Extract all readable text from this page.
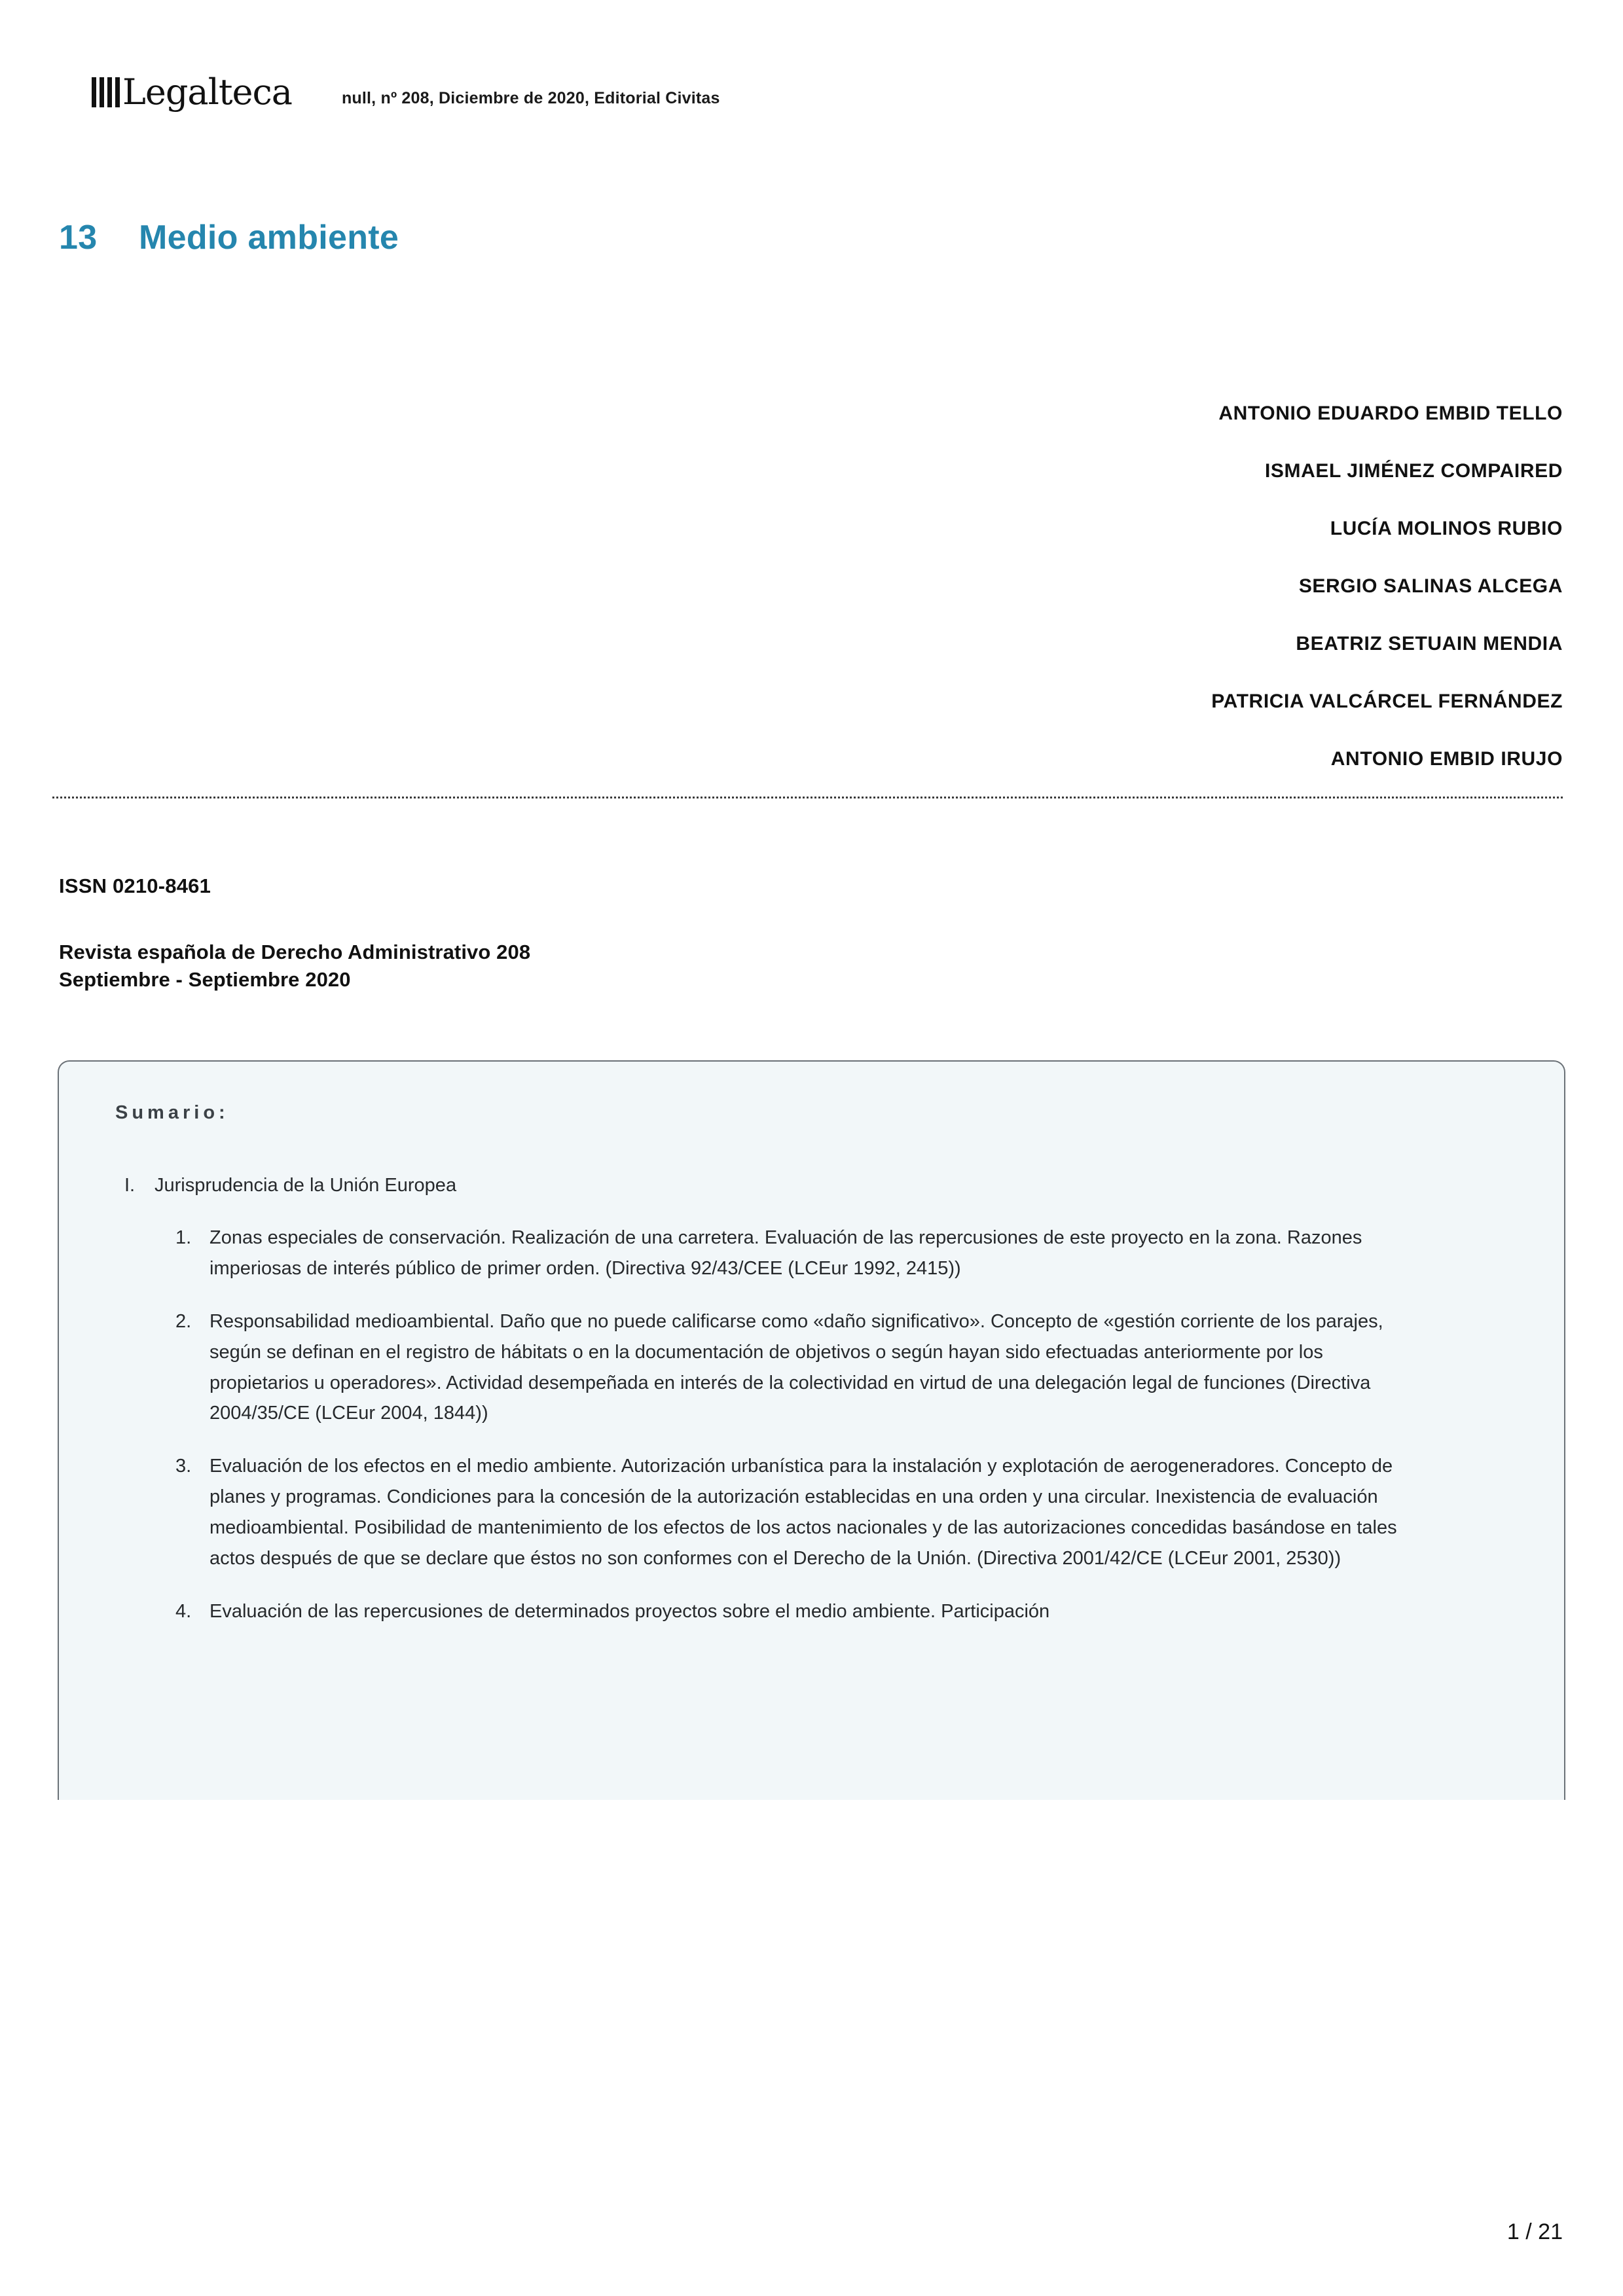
Legalteca	null, nº 208, Diciembre de 2020, Editorial Civitas
13	Medio ambiente
ANTONIO EDUARDO EMBID TELLO
ISMAEL JIMÉNEZ COMPAIRED
LUCÍA MOLINOS RUBIO
SERGIO SALINAS ALCEGA
BEATRIZ SETUAIN MENDIA
PATRICIA VALCÁRCEL FERNÁNDEZ
ANTONIO EMBID IRUJO
ISSN 0210-8461
Revista española de Derecho Administrativo 208
Septiembre - Septiembre 2020
Sumario:
I.	Jurisprudencia de la Unión Europea
1. Zonas especiales de conservación. Realización de una carretera. Evaluación de las repercusiones de este proyecto en la zona. Razones imperiosas de interés público de primer orden. (Directiva 92/43/CEE (LCEur 1992, 2415))
2. Responsabilidad medioambiental. Daño que no puede calificarse como «daño significativo». Concepto de «gestión corriente de los parajes, según se definan en el registro de hábitats o en la documentación de objetivos o según hayan sido efectuadas anteriormente por los propietarios u operadores». Actividad desempeñada en interés de la colectividad en virtud de una delegación legal de funciones (Directiva 2004/35/CE (LCEur 2004, 1844))
3. Evaluación de los efectos en el medio ambiente. Autorización urbanística para la instalación y explotación de aerogeneradores. Concepto de planes y programas. Condiciones para la concesión de la autorización establecidas en una orden y una circular. Inexistencia de evaluación medioambiental. Posibilidad de mantenimiento de los efectos de los actos nacionales y de las autorizaciones concedidas basándose en tales actos después de que se declare que éstos no son conformes con el Derecho de la Unión. (Directiva 2001/42/CE (LCEur 2001, 2530))
4. Evaluación de las repercusiones de determinados proyectos sobre el medio ambiente. Participación
1 / 21
